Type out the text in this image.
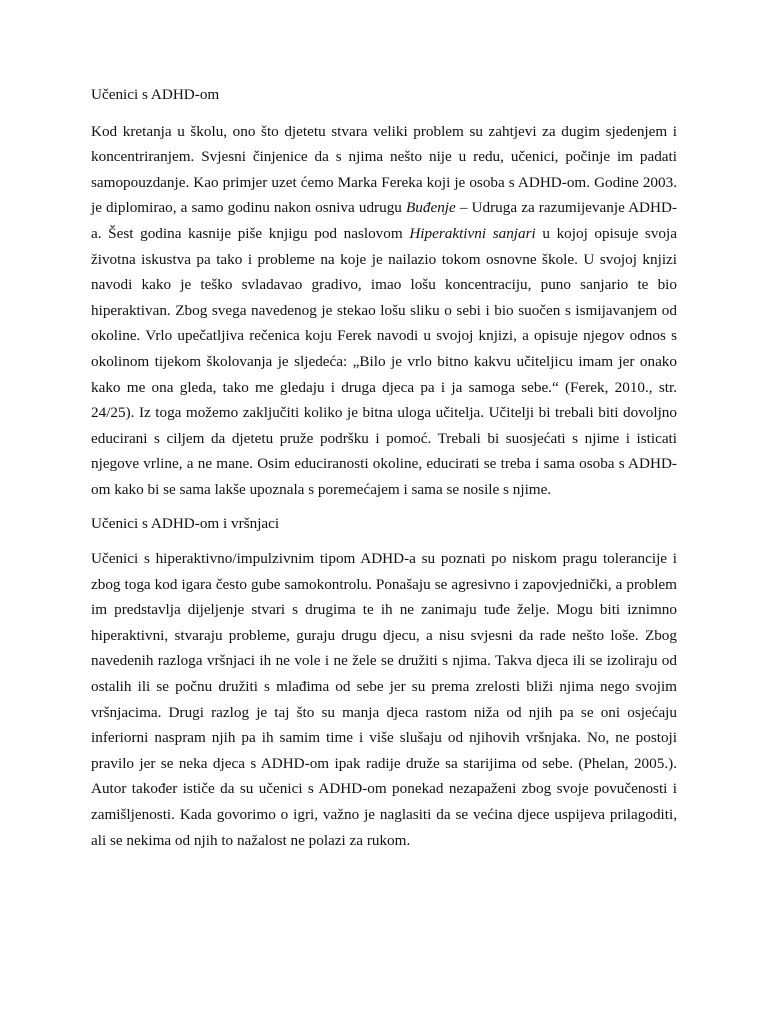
Učenici s ADHD-om

Kod kretanja u školu, ono što djetetu stvara veliki problem su zahtjevi za dugim sjedenjem i koncentriranjem. Svjesni činjenice da s njima nešto nije u redu, učenici, počinje im padati samopouzdanje. Kao primjer uzet ćemo Marka Fereka koji je osoba s ADHD-om. Godine 2003. je diplomirao, a samo godinu nakon osniva udrugu Buđenje – Udruga za razumijevanje ADHD-a. Šest godina kasnije piše knjigu pod naslovom Hiperaktivni sanjari u kojoj opisuje svoja životna iskustva pa tako i probleme na koje je nailazio tokom osnovne škole. U svojoj knjizi navodi kako je teško svladavao gradivo, imao lošu koncentraciju, puno sanjario te bio hiperaktivan. Zbog svega navedenog je stekao lošu sliku o sebi i bio suočen s ismijavanjem od okoline. Vrlo upečatljiva rečenica koju Ferek navodi u svojoj knjizi, a opisuje njegov odnos s okolinom tijekom školovanja je sljedeća: „Bilo je vrlo bitno kakvu učiteljicu imam jer onako kako me ona gleda, tako me gledaju i druga djeca pa i ja samoga sebe.“ (Ferek, 2010., str. 24/25). Iz toga možemo zaključiti koliko je bitna uloga učitelja. Učitelji bi trebali biti dovoljno educirani s ciljem da djetetu pruže podršku i pomoć. Trebali bi suosjećati s njime i isticati njegove vrline, a ne mane. Osim educiranosti okoline, educirati se treba i sama osoba s ADHD-om kako bi se sama lakše upoznala s poremećajem i sama se nosile s njime.

Učenici s ADHD-om i vršnjaci

Učenici s hiperaktivno/impulzivnim tipom ADHD-a su poznati po niskom pragu tolerancije i zbog toga kod igara često gube samokontrolu. Ponašaju se agresivno i zapovjednički, a problem im predstavlja dijeljenje stvari s drugima te ih ne zanimaju tuđe želje. Mogu biti iznimno hiperaktivni, stvaraju probleme, guraju drugu djecu, a nisu svjesni da rade nešto loše. Zbog navedenih razloga vršnjaci ih ne vole i ne žele se družiti s njima. Takva djeca ili se izoliraju od ostalih ili se počnu družiti s mlađima od sebe jer su prema zrelosti bliži njima nego svojim vršnjacima. Drugi razlog je taj što su manja djeca rastom niža od njih pa se oni osjećaju inferiorni naspram njih pa ih samim time i više slušaju od njihovih vršnjaka. No, ne postoji pravilo jer se neka djeca s ADHD-om ipak radije druže sa starijima od sebe. (Phelan, 2005.). Autor također ističe da su učenici s ADHD-om ponekad nezapaženi zbog svoje povučenosti i zamišljenosti. Kada govorimo o igri, važno je naglasiti da se većina djece uspijeva prilagoditi, ali se nekima od njih to nažalost ne polazi za rukom.
